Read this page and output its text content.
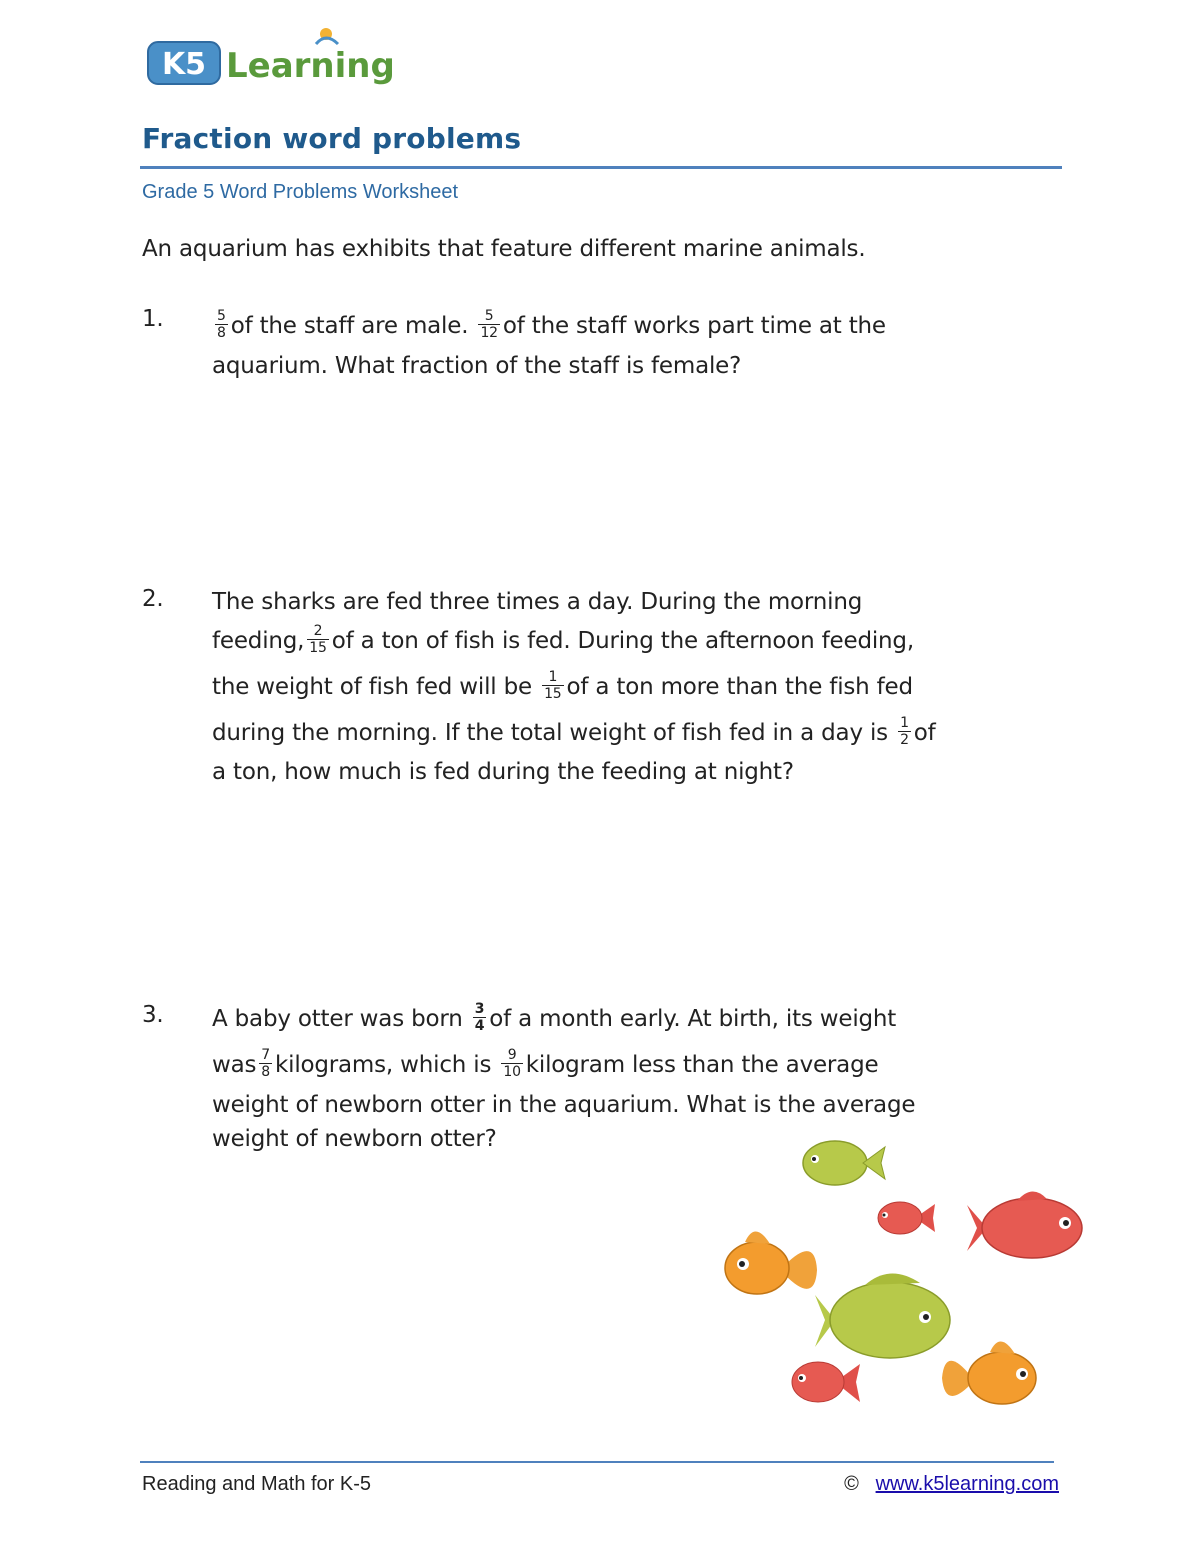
K5 Learning
Fraction word problems
Grade 5 Word Problems Worksheet
An aquarium has exhibits that feature different marine animals.
1.	$\frac{5}{8}$ of the staff are male. $\frac{5}{12}$ of the staff works part time at the
aquarium. What fraction of the staff is female?
2. The sharks are fed three times a day. During the morning
feeding, $\frac{2}{15}$ of a ton of fish is fed. During the afternoon feeding,
the weight of fish fed will be $\frac{1}{15}$ of a ton more than the fish fed
during the morning. If the total weight of fish fed in a day is $\frac{1}{2}$ of
a ton, how much is fed during the feeding at night?
3. A baby otter was born $\frac{3}{4}$ of a month early. At birth, its weight
was $\frac{7}{8}$ kilograms, which is $\frac{9}{10}$ kilogram less than the average
weight of newborn otter in the aquarium. What is the average
weight of newborn otter?
Reading and Math for K-5	© www.k5learning.com
